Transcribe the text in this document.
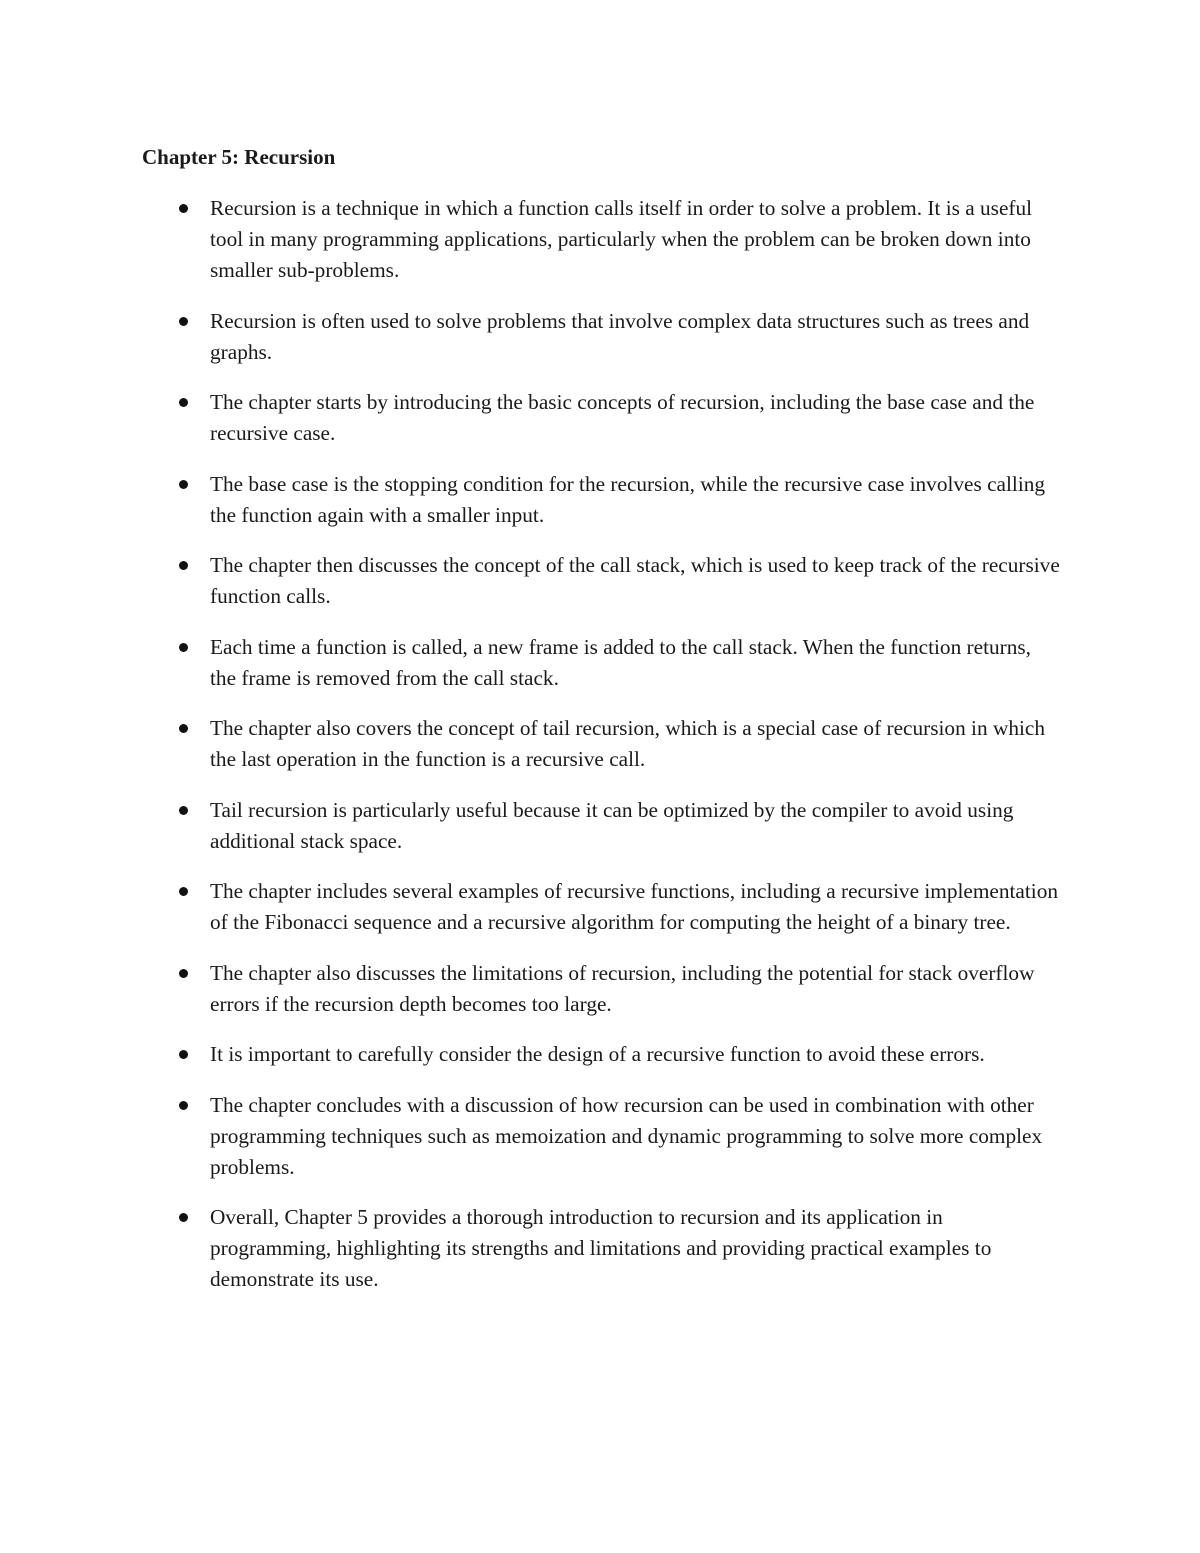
Chapter 5: Recursion
Recursion is a technique in which a function calls itself in order to solve a problem. It is a useful tool in many programming applications, particularly when the problem can be broken down into smaller sub-problems.
Recursion is often used to solve problems that involve complex data structures such as trees and graphs.
The chapter starts by introducing the basic concepts of recursion, including the base case and the recursive case.
The base case is the stopping condition for the recursion, while the recursive case involves calling the function again with a smaller input.
The chapter then discusses the concept of the call stack, which is used to keep track of the recursive function calls.
Each time a function is called, a new frame is added to the call stack. When the function returns, the frame is removed from the call stack.
The chapter also covers the concept of tail recursion, which is a special case of recursion in which the last operation in the function is a recursive call.
Tail recursion is particularly useful because it can be optimized by the compiler to avoid using additional stack space.
The chapter includes several examples of recursive functions, including a recursive implementation of the Fibonacci sequence and a recursive algorithm for computing the height of a binary tree.
The chapter also discusses the limitations of recursion, including the potential for stack overflow errors if the recursion depth becomes too large.
It is important to carefully consider the design of a recursive function to avoid these errors.
The chapter concludes with a discussion of how recursion can be used in combination with other programming techniques such as memoization and dynamic programming to solve more complex problems.
Overall, Chapter 5 provides a thorough introduction to recursion and its application in programming, highlighting its strengths and limitations and providing practical examples to demonstrate its use.
